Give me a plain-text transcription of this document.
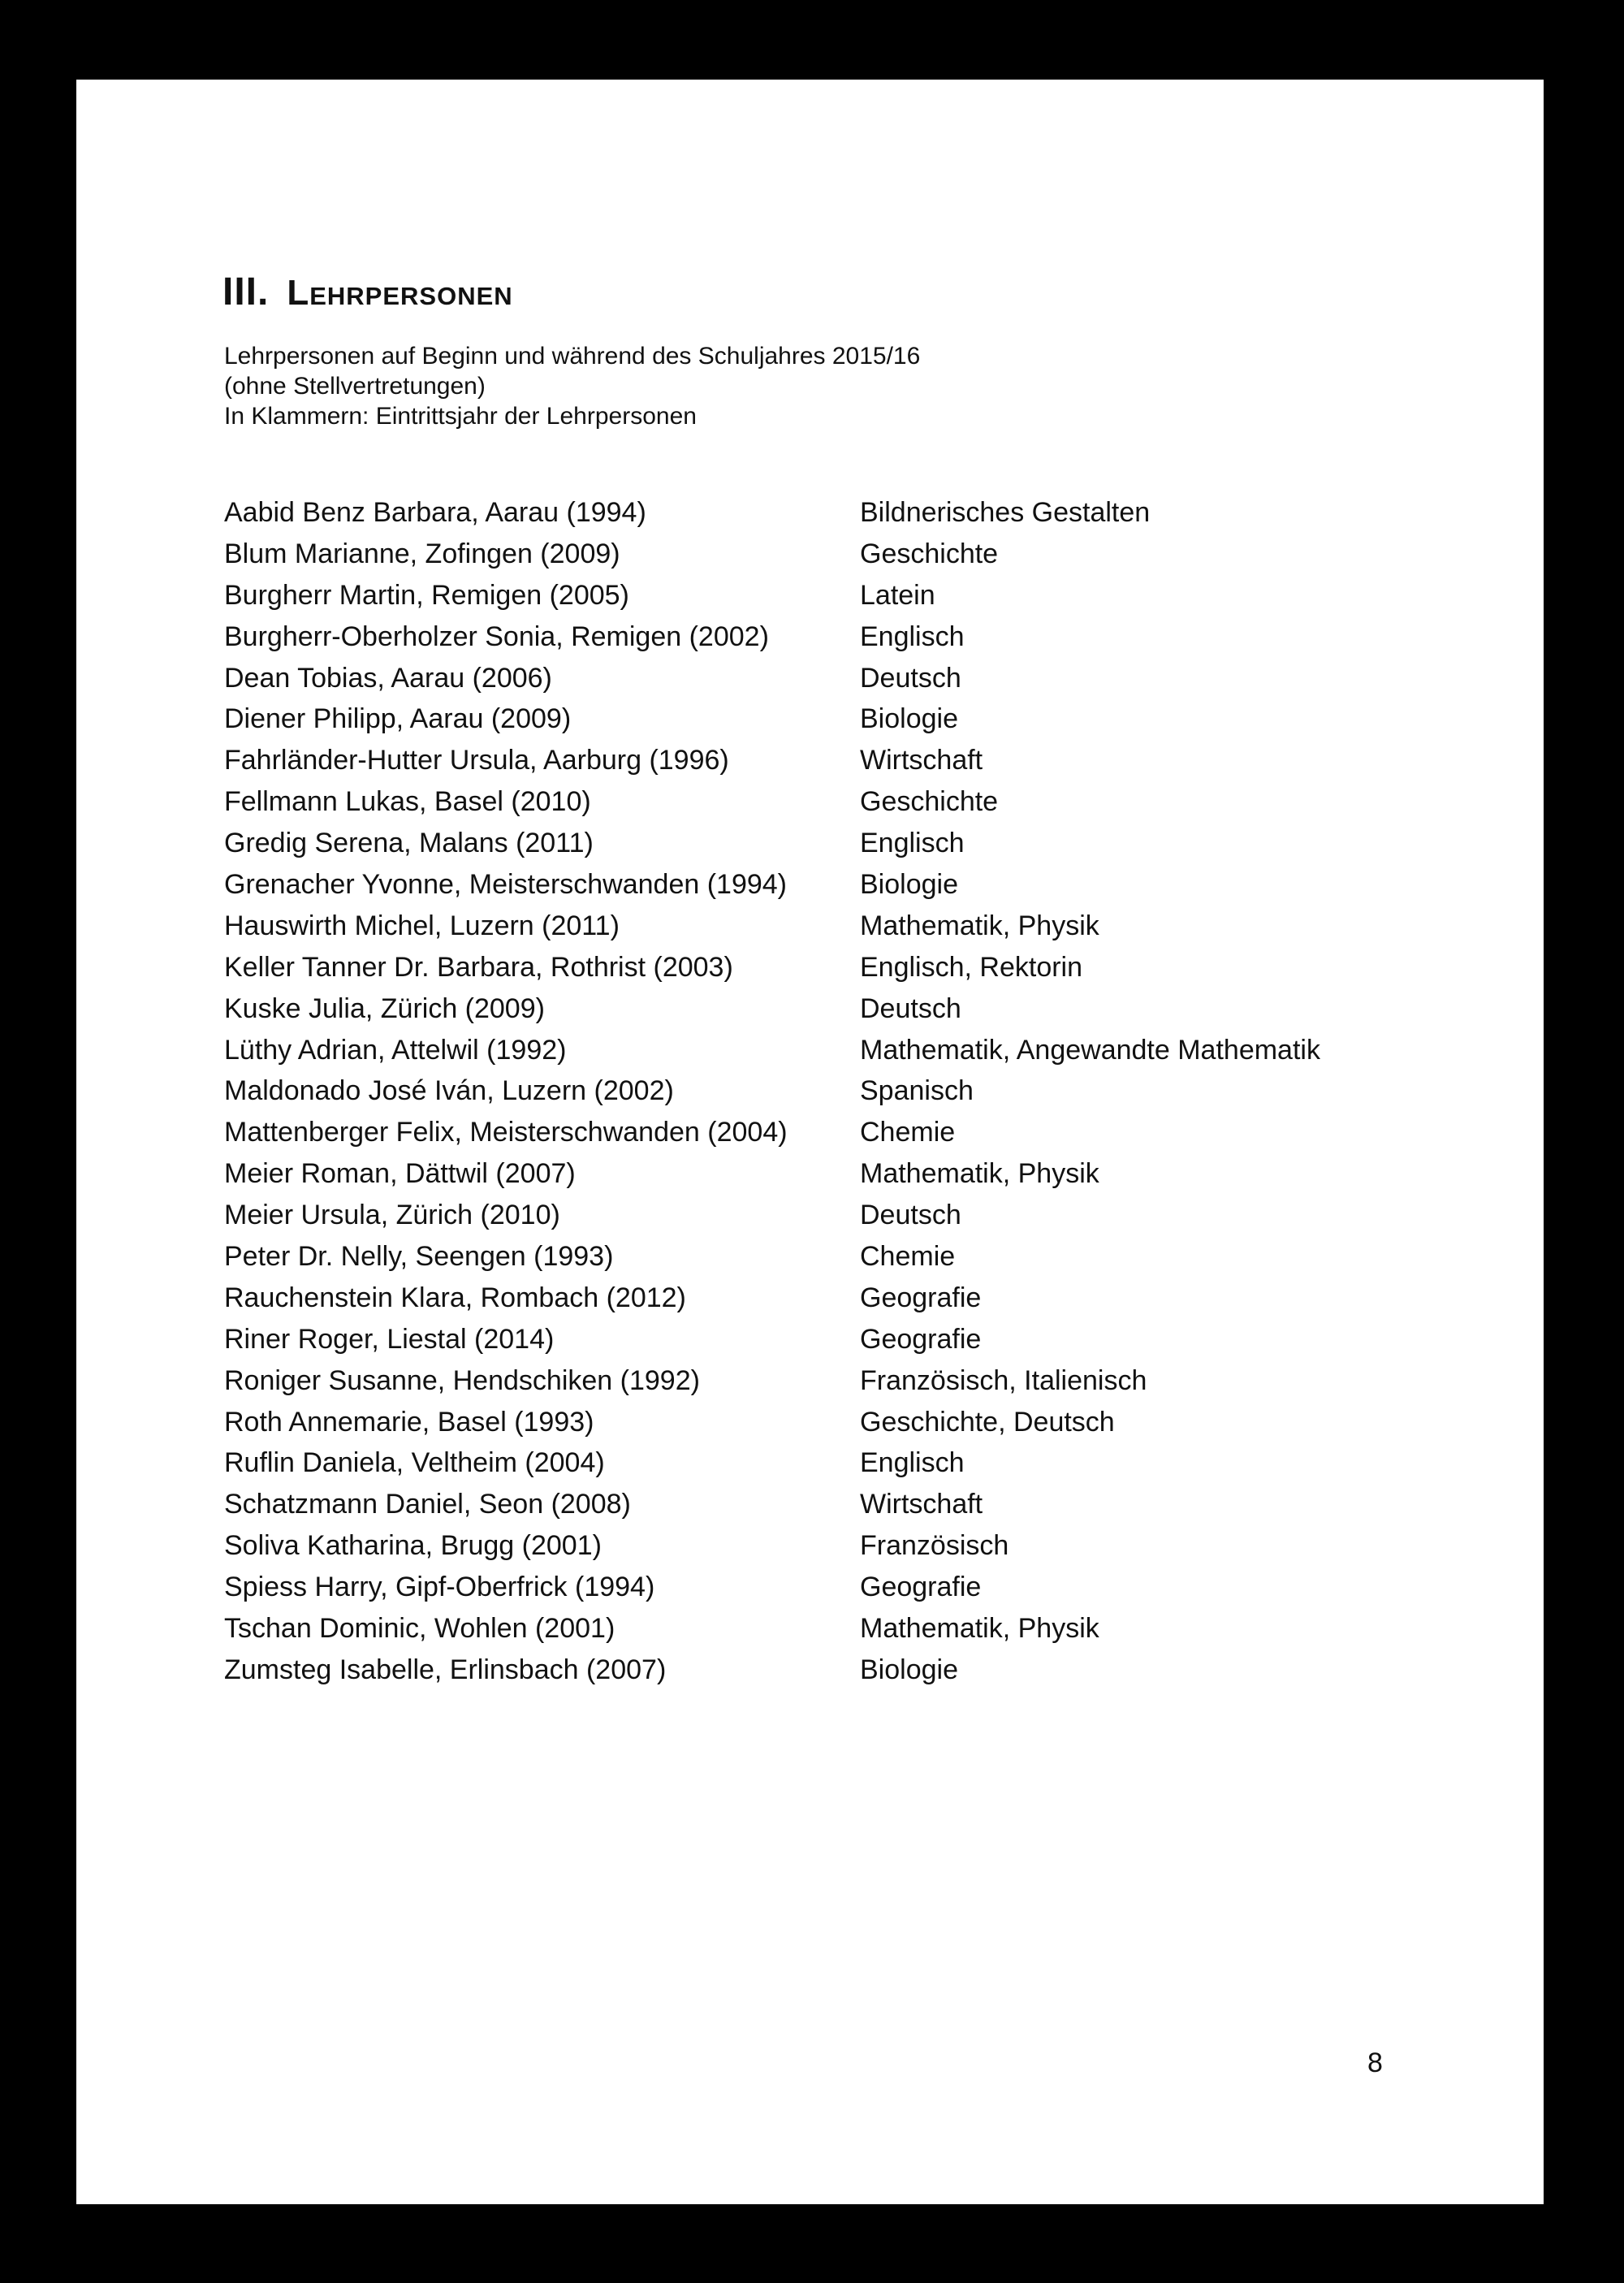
III. Lehrpersonen
Lehrpersonen auf Beginn und während des Schuljahres 2015/16
(ohne Stellvertretungen)
In Klammern: Eintrittsjahr der Lehrpersonen
Aabid Benz Barbara, Aarau (1994)	Bildnerisches Gestalten
Blum Marianne, Zofingen (2009)	Geschichte
Burgherr Martin, Remigen (2005)	Latein
Burgherr-Oberholzer Sonia, Remigen (2002)	Englisch
Dean Tobias, Aarau (2006)	Deutsch
Diener Philipp, Aarau (2009)	Biologie
Fahrländer-Hutter Ursula, Aarburg (1996)	Wirtschaft
Fellmann Lukas, Basel (2010)	Geschichte
Gredig Serena, Malans (2011)	Englisch
Grenacher Yvonne, Meisterschwanden (1994)	Biologie
Hauswirth Michel, Luzern (2011)	Mathematik, Physik
Keller Tanner Dr. Barbara, Rothrist (2003)	Englisch, Rektorin
Kuske Julia, Zürich (2009)	Deutsch
Lüthy Adrian, Attelwil (1992)	Mathematik, Angewandte Mathematik
Maldonado José Iván, Luzern (2002)	Spanisch
Mattenberger Felix, Meisterschwanden (2004)	Chemie
Meier Roman, Dättwil (2007)	Mathematik, Physik
Meier Ursula, Zürich (2010)	Deutsch
Peter Dr. Nelly, Seengen (1993)	Chemie
Rauchenstein Klara, Rombach (2012)	Geografie
Riner Roger, Liestal (2014)	Geografie
Roniger Susanne, Hendschiken (1992)	Französisch, Italienisch
Roth Annemarie, Basel (1993)	Geschichte, Deutsch
Ruflin Daniela, Veltheim (2004)	Englisch
Schatzmann Daniel, Seon (2008)	Wirtschaft
Soliva Katharina, Brugg (2001)	Französisch
Spiess Harry, Gipf-Oberfrick (1994)	Geografie
Tschan Dominic, Wohlen (2001)	Mathematik, Physik
Zumsteg Isabelle, Erlinsbach (2007)	Biologie
8
